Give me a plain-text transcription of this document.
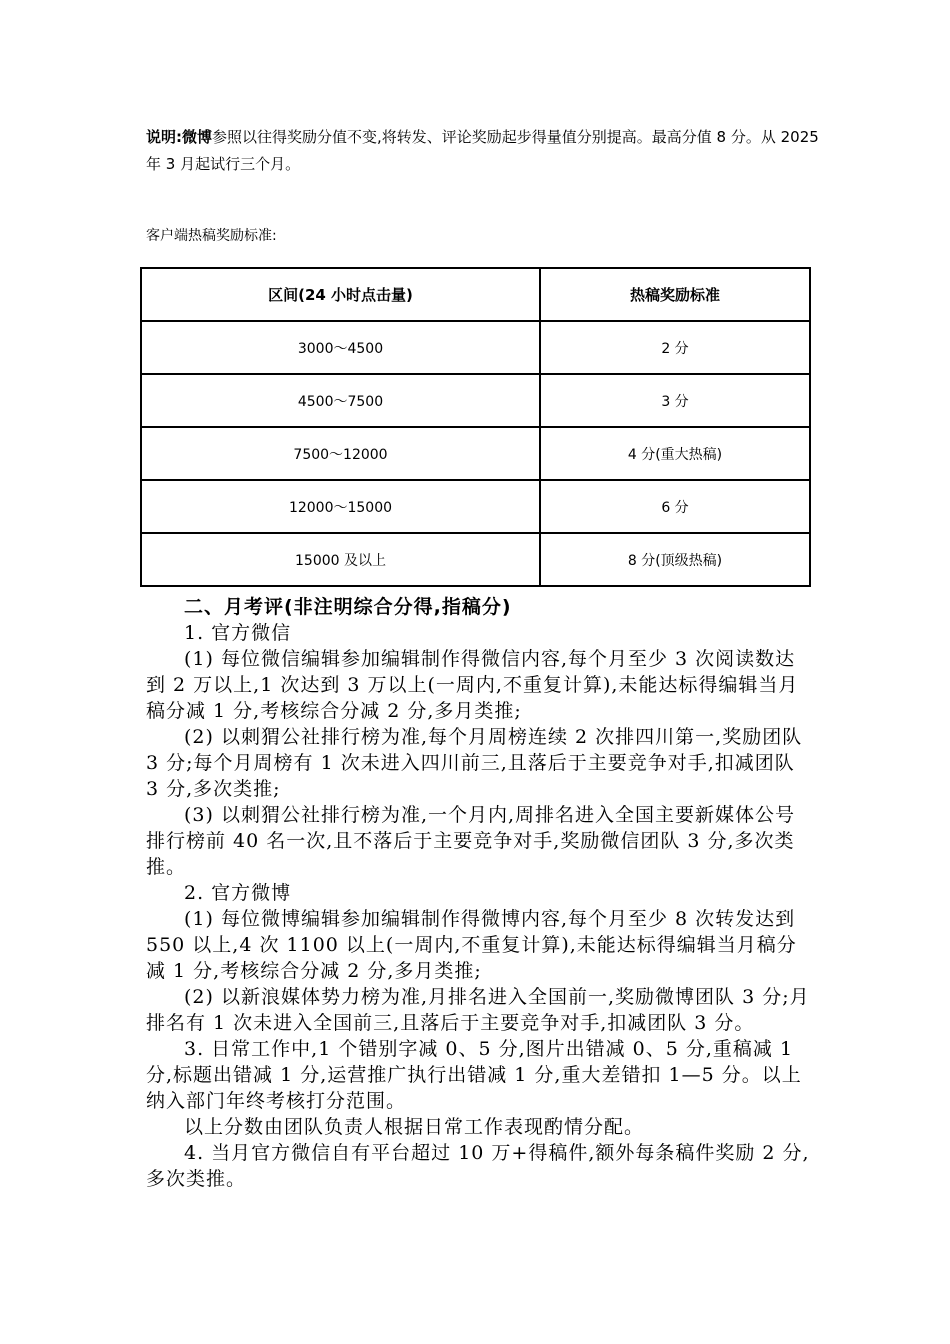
说明:微博参照以往得奖励分值不变,将转发、评论奖励起步得量值分别提高。最高分值 8 分。从 2025 年 3 月起试行三个月。
客户端热稿奖励标准:
区间(24 小时点击量)	热稿奖励标准
3000～4500	2 分
4500～7500	3 分
7500～12000	4 分(重大热稿)
12000～15000	6 分
15000 及以上	8 分(顶级热稿)

二、月考评(非注明综合分得,指稿分)

1. 官方微信

(1) 每位微信编辑参加编辑制作得微信内容,每个月至少 3 次阅读数达到 2 万以上,1 次达到 3 万以上(一周内,不重复计算),未能达标得编辑当月稿分减 1 分,考核综合分减 2 分,多月类推;

(2) 以刺猬公社排行榜为准,每个月周榜连续 2 次排四川第一,奖励团队 3 分;每个月周榜有 1 次未进入四川前三,且落后于主要竞争对手,扣减团队 3 分,多次类推;

(3) 以刺猬公社排行榜为准,一个月内,周排名进入全国主要新媒体公号排行榜前 40 名一次,且不落后于主要竞争对手,奖励微信团队 3 分,多次类推。

2. 官方微博

(1) 每位微博编辑参加编辑制作得微博内容,每个月至少 8 次转发达到 550 以上,4 次 1100 以上(一周内,不重复计算),未能达标得编辑当月稿分减 1 分,考核综合分减 2 分,多月类推;

(2) 以新浪媒体势力榜为准,月排名进入全国前一,奖励微博团队 3 分;月排名有 1 次未进入全国前三,且落后于主要竞争对手,扣减团队 3 分。

3. 日常工作中,1 个错别字减 0、5 分,图片出错减 0、5 分,重稿减 1 分,标题出错减 1 分,运营推广执行出错减 1 分,重大差错扣 1—5 分。以上纳入部门年终考核打分范围。

以上分数由团队负责人根据日常工作表现酌情分配。

4. 当月官方微信自有平台超过 10 万+得稿件,额外每条稿件奖励 2 分,多次类推。
